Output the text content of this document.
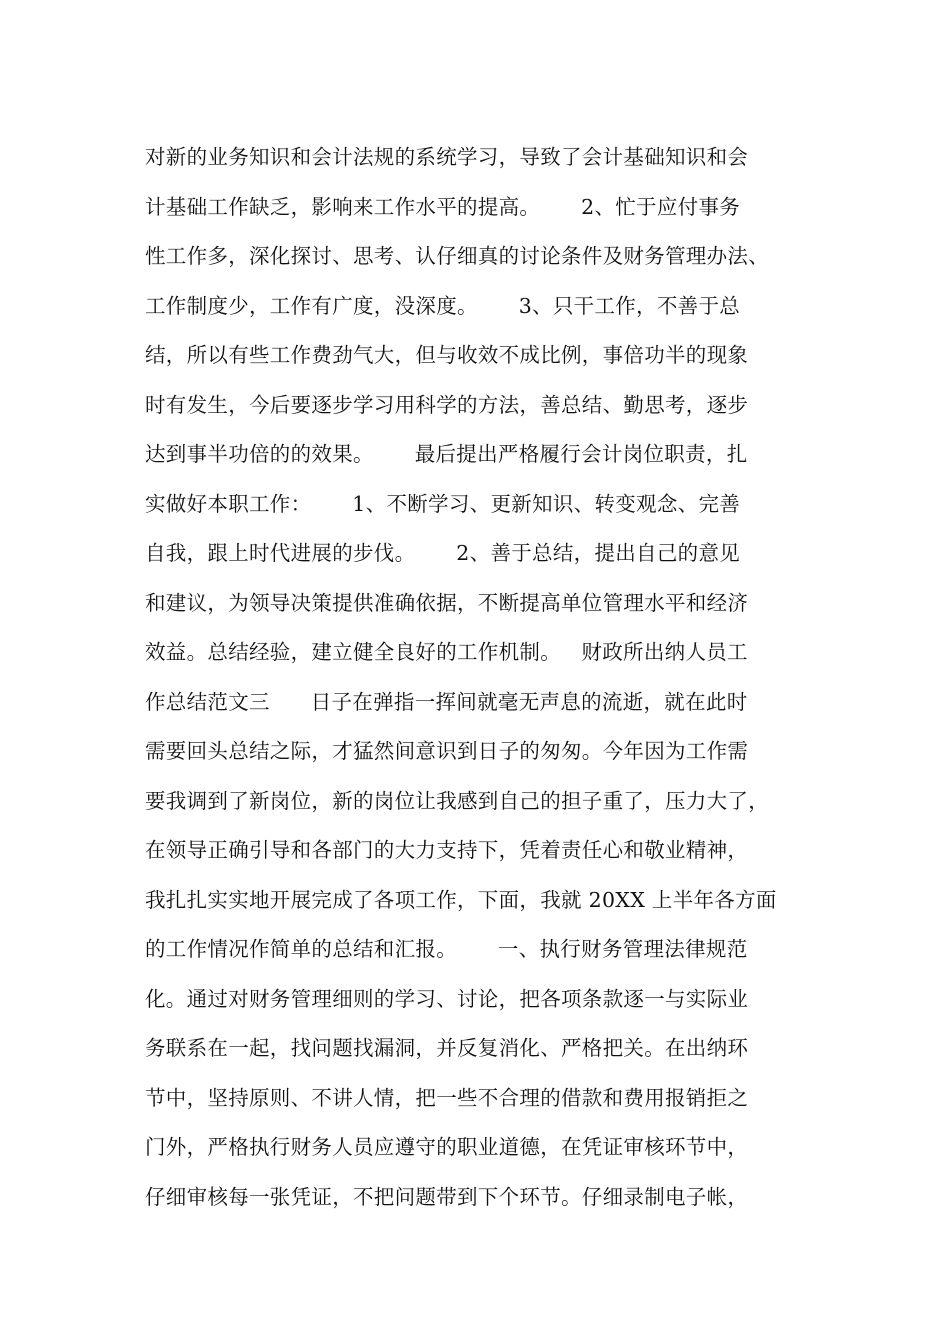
对新的业务知识和会计法规的系统学习，导致了会计基础知识和会
计基础工作缺乏，影响来工作水平的提高。      2、忙于应付事务
性工作多，深化探讨、思考、认仔细真的讨论条件及财务管理办法、
工作制度少，工作有广度，没深度。      3、只干工作，不善于总
结，所以有些工作费劲气大，但与收效不成比例，事倍功半的现象
时有发生，今后要逐步学习用科学的方法，善总结、勤思考，逐步
达到事半功倍的的效果。      最后提出严格履行会计岗位职责，扎
实做好本职工作：      1、不断学习、更新知识、转变观念、完善
自我，跟上时代进展的步伐。      2、善于总结，提出自己的意见
和建议，为领导决策提供准确依据，不断提高单位管理水平和经济
效益。总结经验，建立健全良好的工作机制。   财政所出纳人员工
作总结范文三      日子在弹指一挥间就毫无声息的流逝，就在此时
需要回头总结之际，才猛然间意识到日子的匆匆。今年因为工作需
要我调到了新岗位，新的岗位让我感到自己的担子重了，压力大了，
在领导正确引导和各部门的大力支持下，凭着责任心和敬业精神，
我扎扎实实地开展完成了各项工作，下面，我就 20XX 上半年各方面
的工作情况作简单的总结和汇报。      一、执行财务管理法律规范
化。通过对财务管理细则的学习、讨论，把各项条款逐一与实际业
务联系在一起，找问题找漏洞，并反复消化、严格把关。在出纳环
节中，坚持原则、不讲人情，把一些不合理的借款和费用报销拒之
门外，严格执行财务人员应遵守的职业道德，在凭证审核环节中，
仔细审核每一张凭证，不把问题带到下个环节。仔细录制电子帐，
